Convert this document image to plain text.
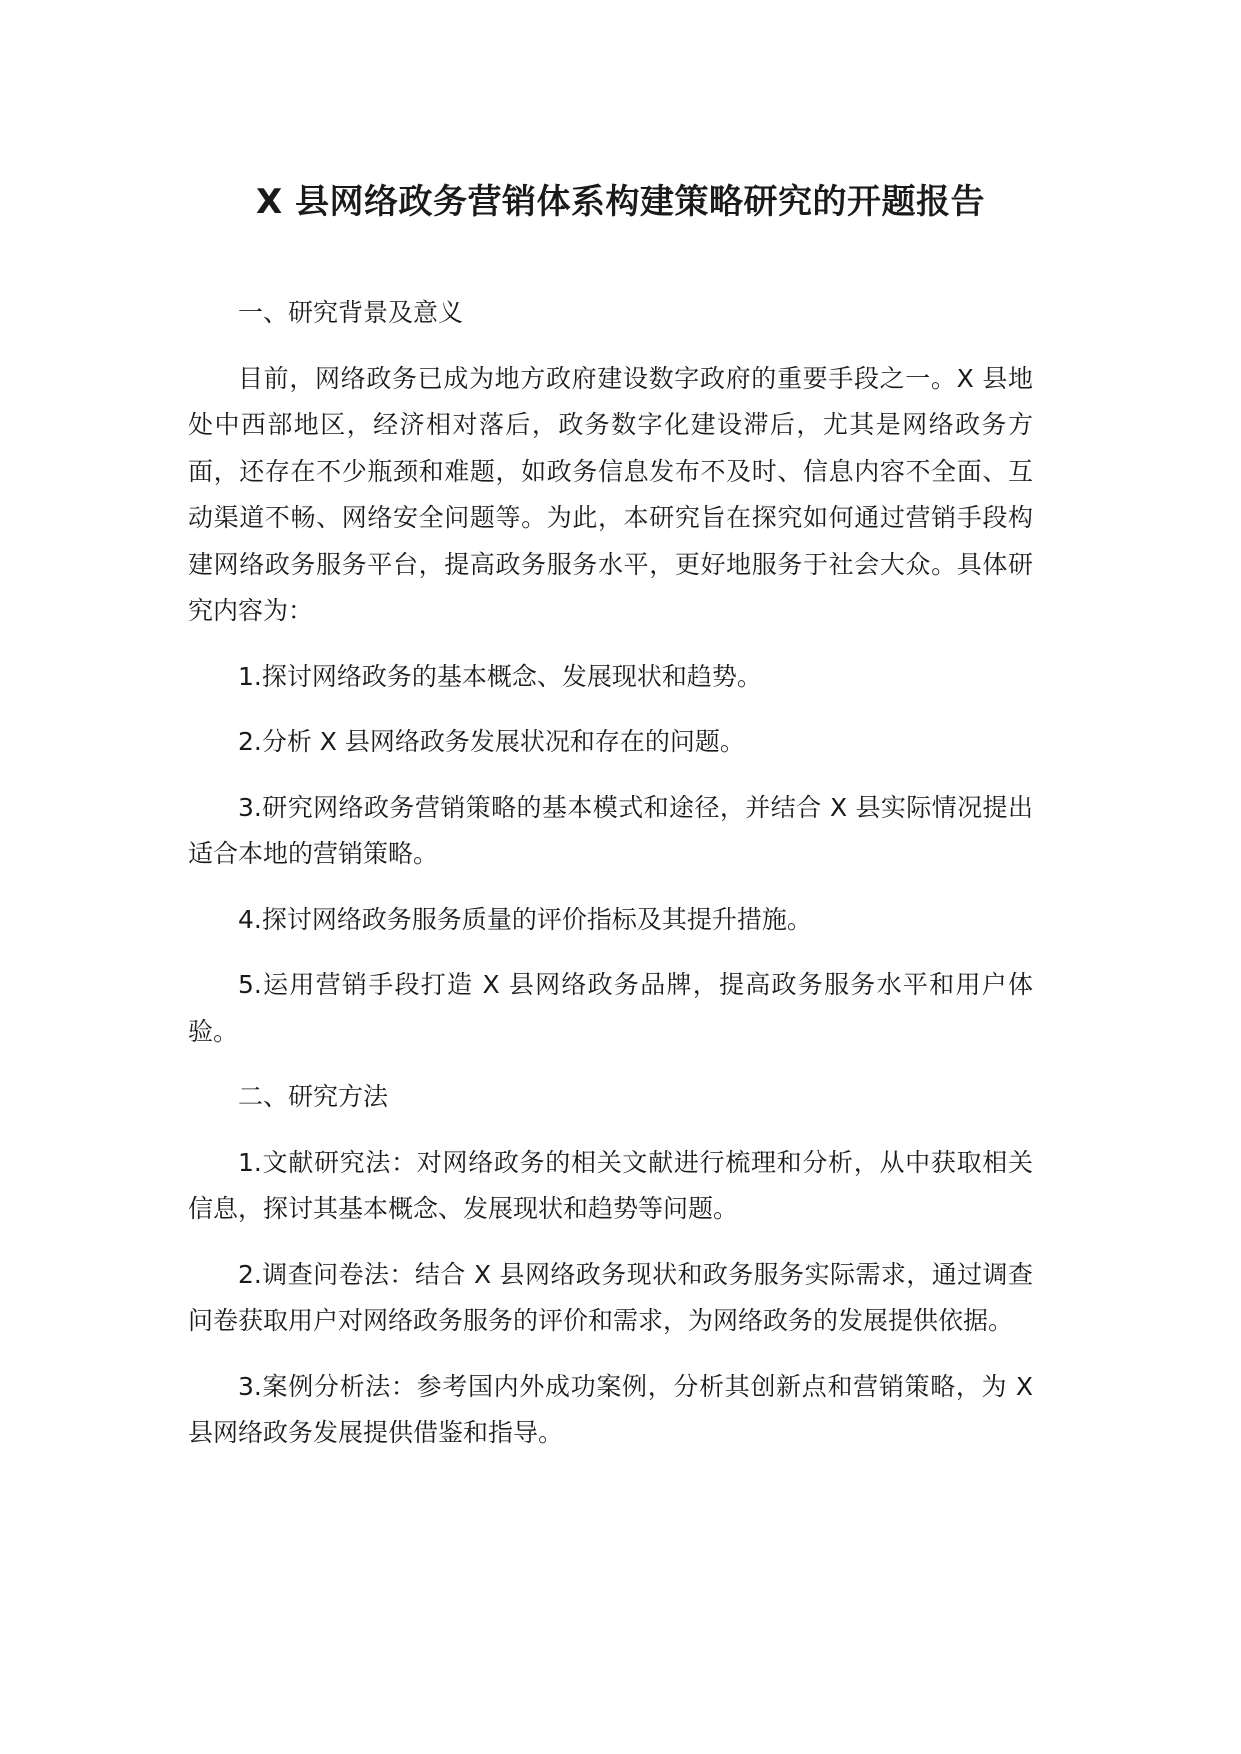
X 县网络政务营销体系构建策略研究的开题报告

一、研究背景及意义

目前，网络政务已成为地方政府建设数字政府的重要手段之一。X 县地处中西部地区，经济相对落后，政务数字化建设滞后，尤其是网络政务方面，还存在不少瓶颈和难题，如政务信息发布不及时、信息内容不全面、互动渠道不畅、网络安全问题等。为此，本研究旨在探究如何通过营销手段构建网络政务服务平台，提高政务服务水平，更好地服务于社会大众。具体研究内容为：

1.探讨网络政务的基本概念、发展现状和趋势。

2.分析 X 县网络政务发展状况和存在的问题。

3.研究网络政务营销策略的基本模式和途径，并结合 X 县实际情况提出适合本地的营销策略。

4.探讨网络政务服务质量的评价指标及其提升措施。

5.运用营销手段打造 X 县网络政务品牌，提高政务服务水平和用户体验。

二、研究方法

1.文献研究法：对网络政务的相关文献进行梳理和分析，从中获取相关信息，探讨其基本概念、发展现状和趋势等问题。

2.调查问卷法：结合 X 县网络政务现状和政务服务实际需求，通过调查问卷获取用户对网络政务服务的评价和需求，为网络政务的发展提供依据。

3.案例分析法：参考国内外成功案例，分析其创新点和营销策略，为 X 县网络政务发展提供借鉴和指导。
